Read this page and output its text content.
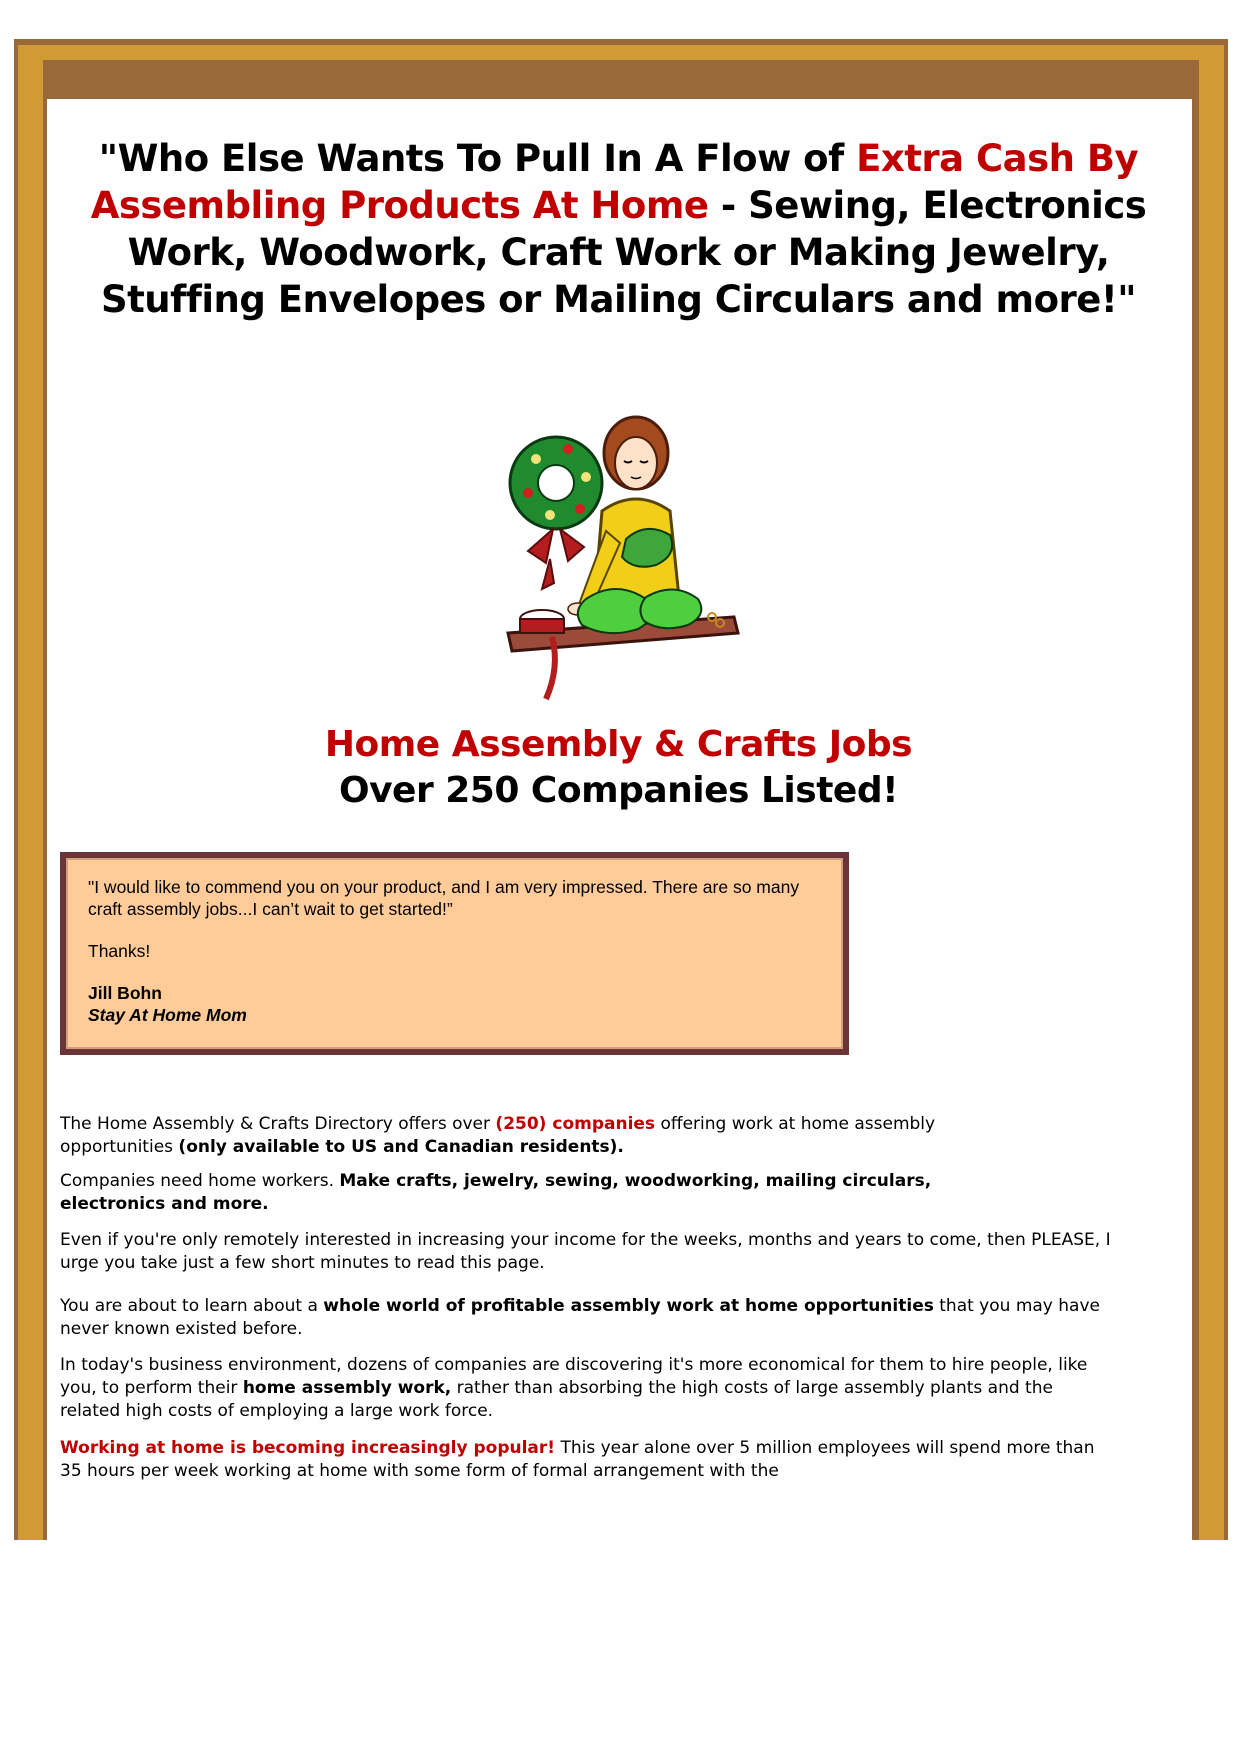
"Who Else Wants To Pull In A Flow of Extra Cash By Assembling Products At Home - Sewing, Electronics Work, Woodwork, Craft Work or Making Jewelry, Stuffing Envelopes or Mailing Circulars and more!"
Home Assembly & Crafts Jobs
Over 250 Companies Listed!

"I would like to commend you on your product, and I am very impressed. There are so many craft assembly jobs...I can’t wait to get started!”

Thanks!

Jill Bohn

Stay At Home Mom

The Home Assembly & Crafts Directory offers over (250) companies offering work at home assembly opportunities (only available to US and Canadian residents).

Companies need home workers. Make crafts, jewelry, sewing, woodworking, mailing circulars, electronics and more.

Even if you're only remotely interested in increasing your income for the weeks, months and years to come, then PLEASE, I urge you take just a few short minutes to read this page.

You are about to learn about a whole world of profitable assembly work at home opportunities that you may have never known existed before.

In today's business environment, dozens of companies are discovering it's more economical for them to hire people, like you, to perform their home assembly work, rather than absorbing the high costs of large assembly plants and the related high costs of employing a large work force.

Working at home is becoming increasingly popular! This year alone over 5 million employees will spend more than 35 hours per week working at home with some form of formal arrangement with the
